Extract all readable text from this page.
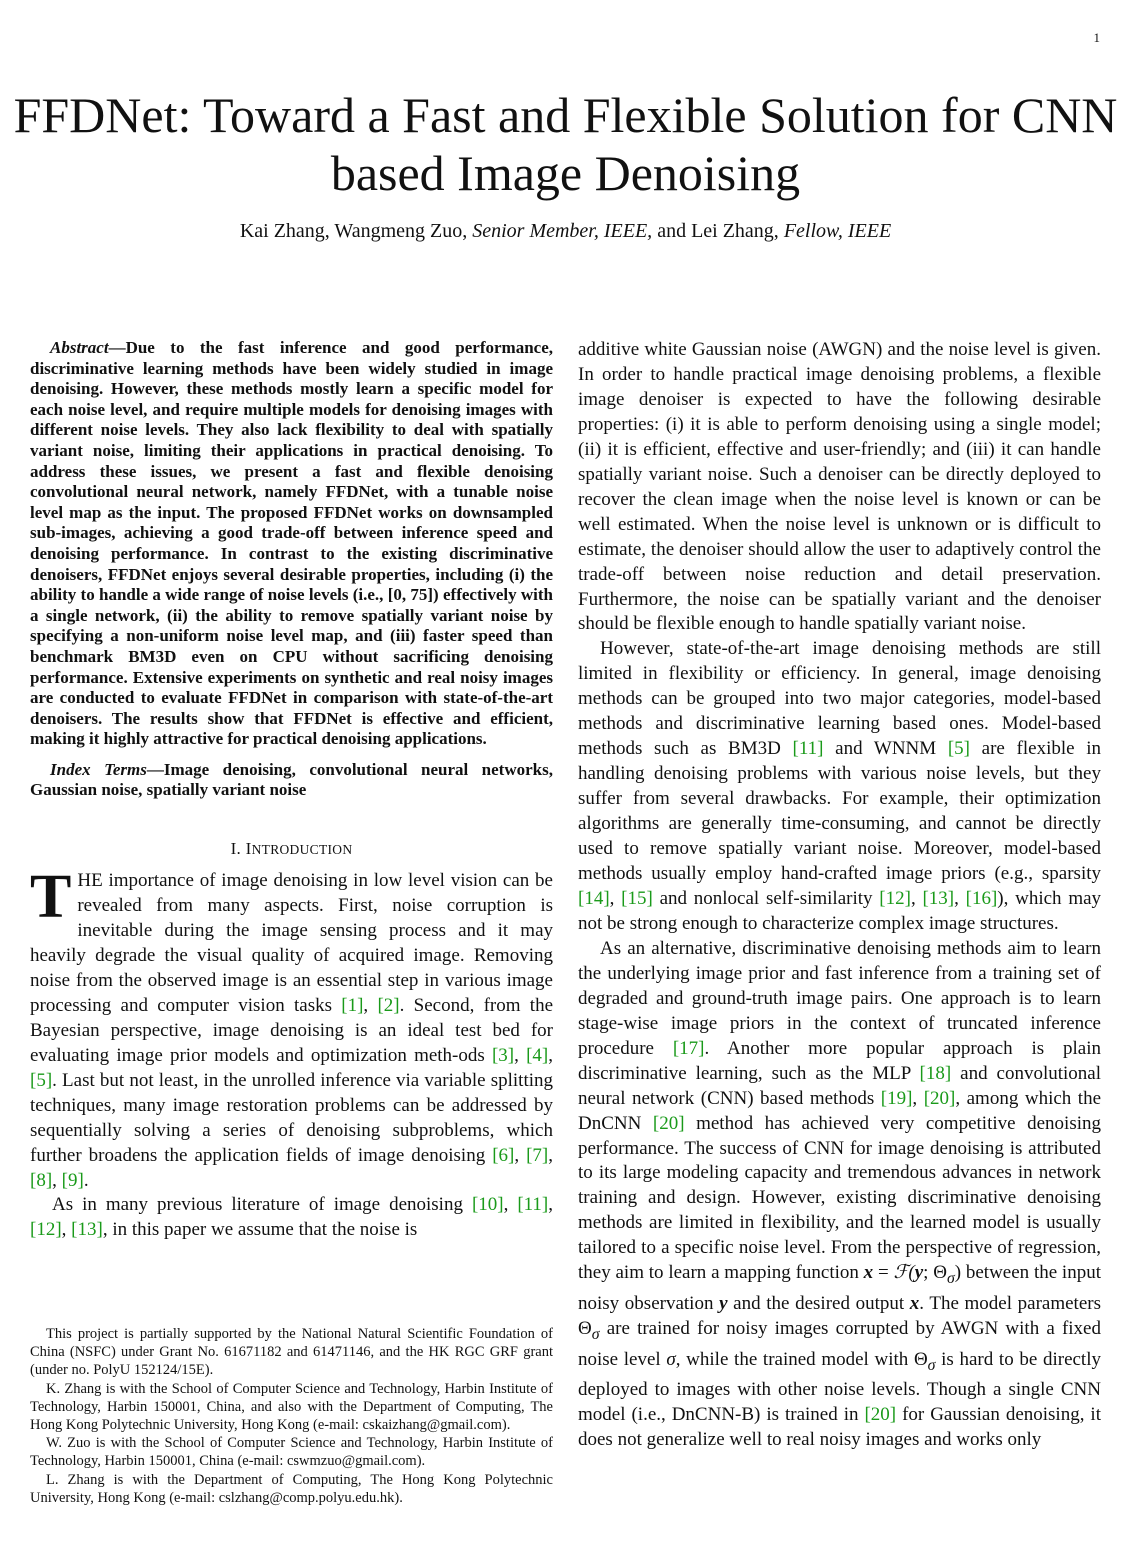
1
FFDNet: Toward a Fast and Flexible Solution for CNN based Image Denoising
Kai Zhang, Wangmeng Zuo, Senior Member, IEEE, and Lei Zhang, Fellow, IEEE

Abstract—Due to the fast inference and good performance, discriminative learning methods have been widely studied in image denoising. However, these methods mostly learn a specific model for each noise level, and require multiple models for denoising images with different noise levels. They also lack flexibility to deal with spatially variant noise, limiting their applications in practical denoising. To address these issues, we present a fast and flexible denoising convolutional neural network, namely FFDNet, with a tunable noise level map as the input. The proposed FFDNet works on downsampled sub-images, achieving a good trade-off between inference speed and denoising performance. In contrast to the existing discriminative denoisers, FFDNet enjoys several desirable properties, including (i) the ability to handle a wide range of noise levels (i.e., [0, 75]) effectively with a single network, (ii) the ability to remove spatially variant noise by specifying a non-uniform noise level map, and (iii) faster speed than benchmark BM3D even on CPU without sacrificing denoising performance. Extensive experiments on synthetic and real noisy images are conducted to evaluate FFDNet in comparison with state-of-the-art denoisers. The results show that FFDNet is effective and efficient, making it highly attractive for practical denoising applications.

Index Terms—Image denoising, convolutional neural networks, Gaussian noise, spatially variant noise

I. INTRODUCTION

THE importance of image denoising in low level vision can be revealed from many aspects. First, noise corruption is inevitable during the image sensing process and it may heavily degrade the visual quality of acquired image. Removing noise from the observed image is an essential step in various image processing and computer vision tasks [1], [2]. Second, from the Bayesian perspective, image denoising is an ideal test bed for evaluating image prior models and optimization meth-ods [3], [4], [5]. Last but not least, in the unrolled inference via variable splitting techniques, many image restoration problems can be addressed by sequentially solving a series of denoising subproblems, which further broadens the application fields of image denoising [6], [7], [8], [9].

As in many previous literature of image denoising [10], [11], [12], [13], in this paper we assume that the noise is

This project is partially supported by the National Natural Scientific Foundation of China (NSFC) under Grant No. 61671182 and 61471146, and the HK RGC GRF grant (under no. PolyU 152124/15E).

K. Zhang is with the School of Computer Science and Technology, Harbin Institute of Technology, Harbin 150001, China, and also with the Department of Computing, The Hong Kong Polytechnic University, Hong Kong (e-mail: cskaizhang@gmail.com).

W. Zuo is with the School of Computer Science and Technology, Harbin Institute of Technology, Harbin 150001, China (e-mail: cswmzuo@gmail.com).

L. Zhang is with the Department of Computing, The Hong Kong Polytechnic University, Hong Kong (e-mail: cslzhang@comp.polyu.edu.hk).

additive white Gaussian noise (AWGN) and the noise level is given. In order to handle practical image denoising problems, a flexible image denoiser is expected to have the following desirable properties: (i) it is able to perform denoising using a single model; (ii) it is efficient, effective and user-friendly; and (iii) it can handle spatially variant noise. Such a denoiser can be directly deployed to recover the clean image when the noise level is known or can be well estimated. When the noise level is unknown or is difficult to estimate, the denoiser should allow the user to adaptively control the trade-off between noise reduction and detail preservation. Furthermore, the noise can be spatially variant and the denoiser should be flexible enough to handle spatially variant noise.

However, state-of-the-art image denoising methods are still limited in flexibility or efficiency. In general, image denoising methods can be grouped into two major categories, model-based methods and discriminative learning based ones. Model-based methods such as BM3D [11] and WNNM [5] are flexible in handling denoising problems with various noise levels, but they suffer from several drawbacks. For example, their optimization algorithms are generally time-consuming, and cannot be directly used to remove spatially variant noise. Moreover, model-based methods usually employ hand-crafted image priors (e.g., sparsity [14], [15] and nonlocal self-similarity [12], [13], [16]), which may not be strong enough to characterize complex image structures.

As an alternative, discriminative denoising methods aim to learn the underlying image prior and fast inference from a training set of degraded and ground-truth image pairs. One approach is to learn stage-wise image priors in the context of truncated inference procedure [17]. Another more popular approach is plain discriminative learning, such as the MLP [18] and convolutional neural network (CNN) based methods [19], [20], among which the DnCNN [20] method has achieved very competitive denoising performance. The success of CNN for image denoising is attributed to its large modeling capacity and tremendous advances in network training and design. However, existing discriminative denoising methods are limited in flexibility, and the learned model is usually tailored to a specific noise level. From the perspective of regression, they aim to learn a mapping function x = ℱ(y; $\Theta_\sigma$) between the input noisy observation y and the desired output x. The model parameters $\Theta_\sigma$ are trained for noisy images corrupted by AWGN with a fixed noise level σ, while the trained model with $\Theta_\sigma$ is hard to be directly deployed to images with other noise levels. Though a single CNN model (i.e., DnCNN-B) is trained in [20] for Gaussian denoising, it does not generalize well to real noisy images and works only
